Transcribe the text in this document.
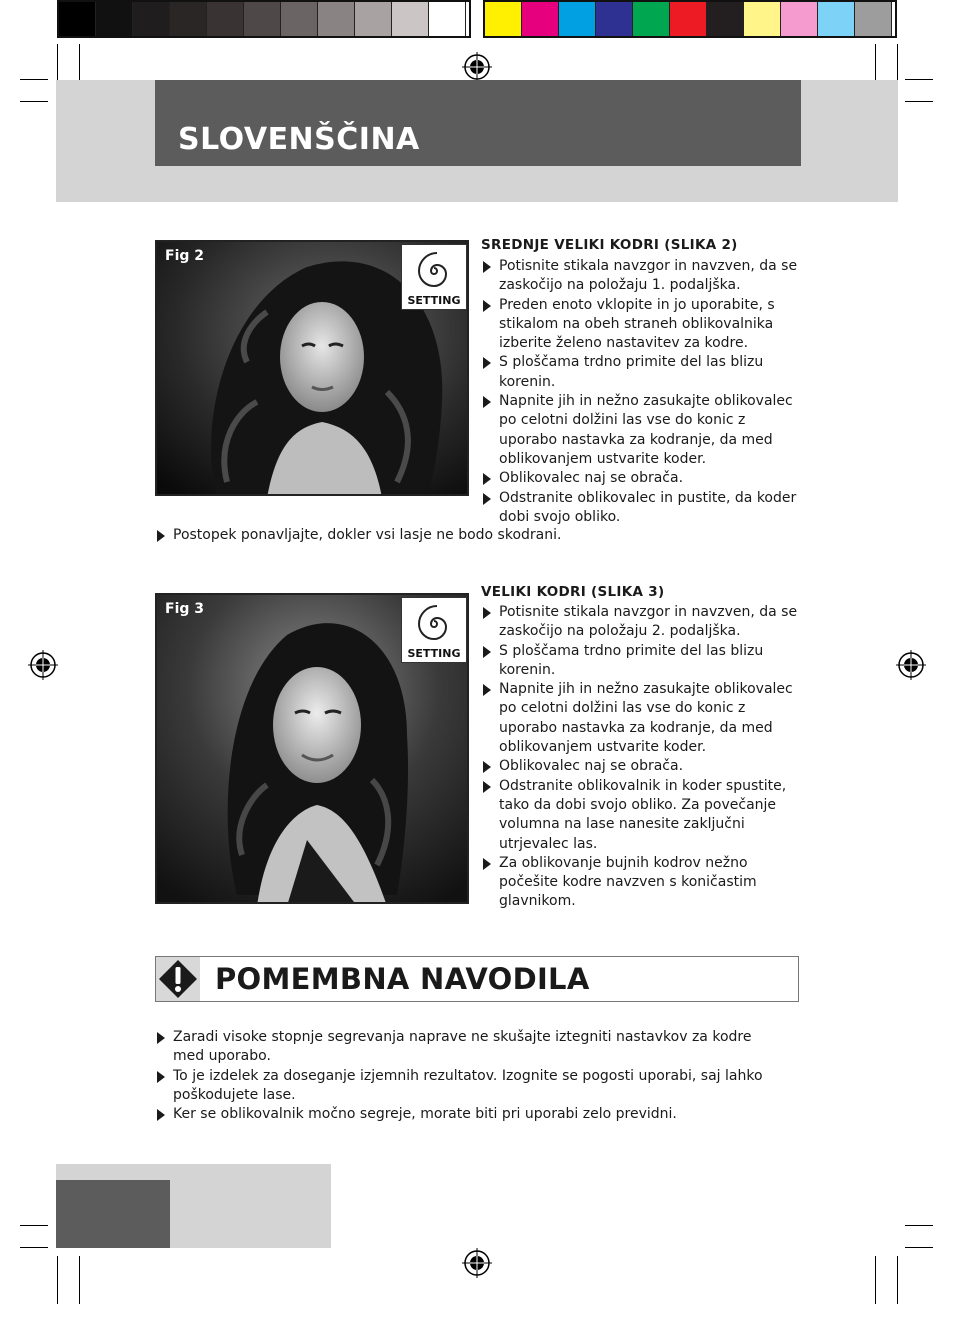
SLOVENŠČINA
Fig 2
SETTING
SREDNJE VELIKI KODRI (SLIKA 2)
Potisnite stikala navzgor in navzven, da se zaskočijo na položaju 1. podaljška.
Preden enoto vklopite in jo uporabite, s stikalom na obeh straneh oblikovalnika izberite želeno nastavitev za kodre.
S ploščama trdno primite del las blizu korenin.
Napnite jih in nežno zasukajte oblikovalec po celotni dolžini las vse do konic z uporabo nastavka za kodranje, da med oblikovanjem ustvarite koder.
Oblikovalec naj se obrača.
Odstranite oblikovalec in pustite, da koder dobi svojo obliko.
Postopek ponavljajte, dokler vsi lasje ne bodo skodrani.
Fig 3
SETTING
VELIKI KODRI (SLIKA 3)
Potisnite stikala navzgor in navzven, da se zaskočijo na položaju 2. podaljška.
S ploščama trdno primite del las blizu korenin.
Napnite jih in nežno zasukajte oblikovalec po celotni dolžini las vse do konic z uporabo nastavka za kodranje, da med oblikovanjem ustvarite koder.
Oblikovalec naj se obrača.
Odstranite oblikovalnik in koder spustite, tako da dobi svojo obliko. Za povečanje volumna na lase nanesite zaključni utrjevalec las.
Za oblikovanje bujnih kodrov nežno počešite kodre navzven s koničastim glavnikom.
POMEMBNA NAVODILA
Zaradi visoke stopnje segrevanja naprave ne skušajte iztegniti nastavkov za kodre med uporabo.
To je izdelek za doseganje izjemnih rezultatov. Izognite se pogosti uporabi, saj lahko poškodujete lase.
Ker se oblikovalnik močno segreje, morate biti pri uporabi zelo previdni.
